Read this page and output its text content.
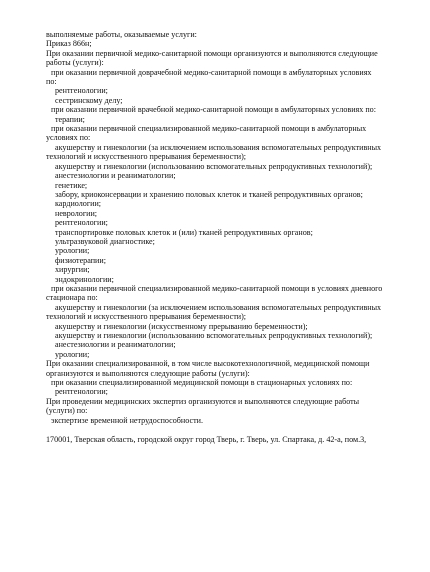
выполняемые работы, оказываемые услуги:
Приказ 866н;
При оказании первичной медико-санитарной помощи организуются и выполняются следующие
работы (услуги):
при оказании первичной доврачебной медико-санитарной помощи в амбулаторных условиях
по:
рентгенологии;
сестринскому делу;
при оказании первичной врачебной медико-санитарной помощи в амбулаторных условиях по:
терапии;
при оказании первичной специализированной медико-санитарной помощи в амбулаторных
условиях по:
акушерству и гинекологии (за исключением использования вспомогательных репродуктивных
технологий и искусственного прерывания беременности);
акушерству и гинекологии (использованию вспомогательных репродуктивных технологий);
анестезиологии и реаниматологии;
генетике;
забору, криоконсервации и хранению половых клеток и тканей репродуктивных органов;
кардиологии;
неврологии;
рентгенологии;
транспортировке половых клеток и (или) тканей репродуктивных органов;
ультразвуковой диагностике;
урологии;
физиотерапии;
хирургии;
эндокринологии;
при оказании первичной специализированной медико-санитарной помощи в условиях дневного
стационара по:
акушерству и гинекологии (за исключением использования вспомогательных репродуктивных
технологий и искусственного прерывания беременности);
акушерству и гинекологии (искусственному прерыванию беременности);
акушерству и гинекологии (использованию вспомогательных репродуктивных технологий);
анестезиологии и реаниматологии;
урологии;
При оказании специализированной, в том числе высокотехнологичной, медицинской помощи
организуются и выполняются следующие работы (услуги):
при оказании специализированной медицинской помощи в стационарных условиях по:
рентгенологии;
При проведении медицинских экспертиз организуются и выполняются следующие работы
(услуги) по:
экспертизе временной нетрудоспособности.
170001, Тверская область, городской округ город Тверь, г. Тверь, ул. Спартака, д. 42-а, пом.3,
